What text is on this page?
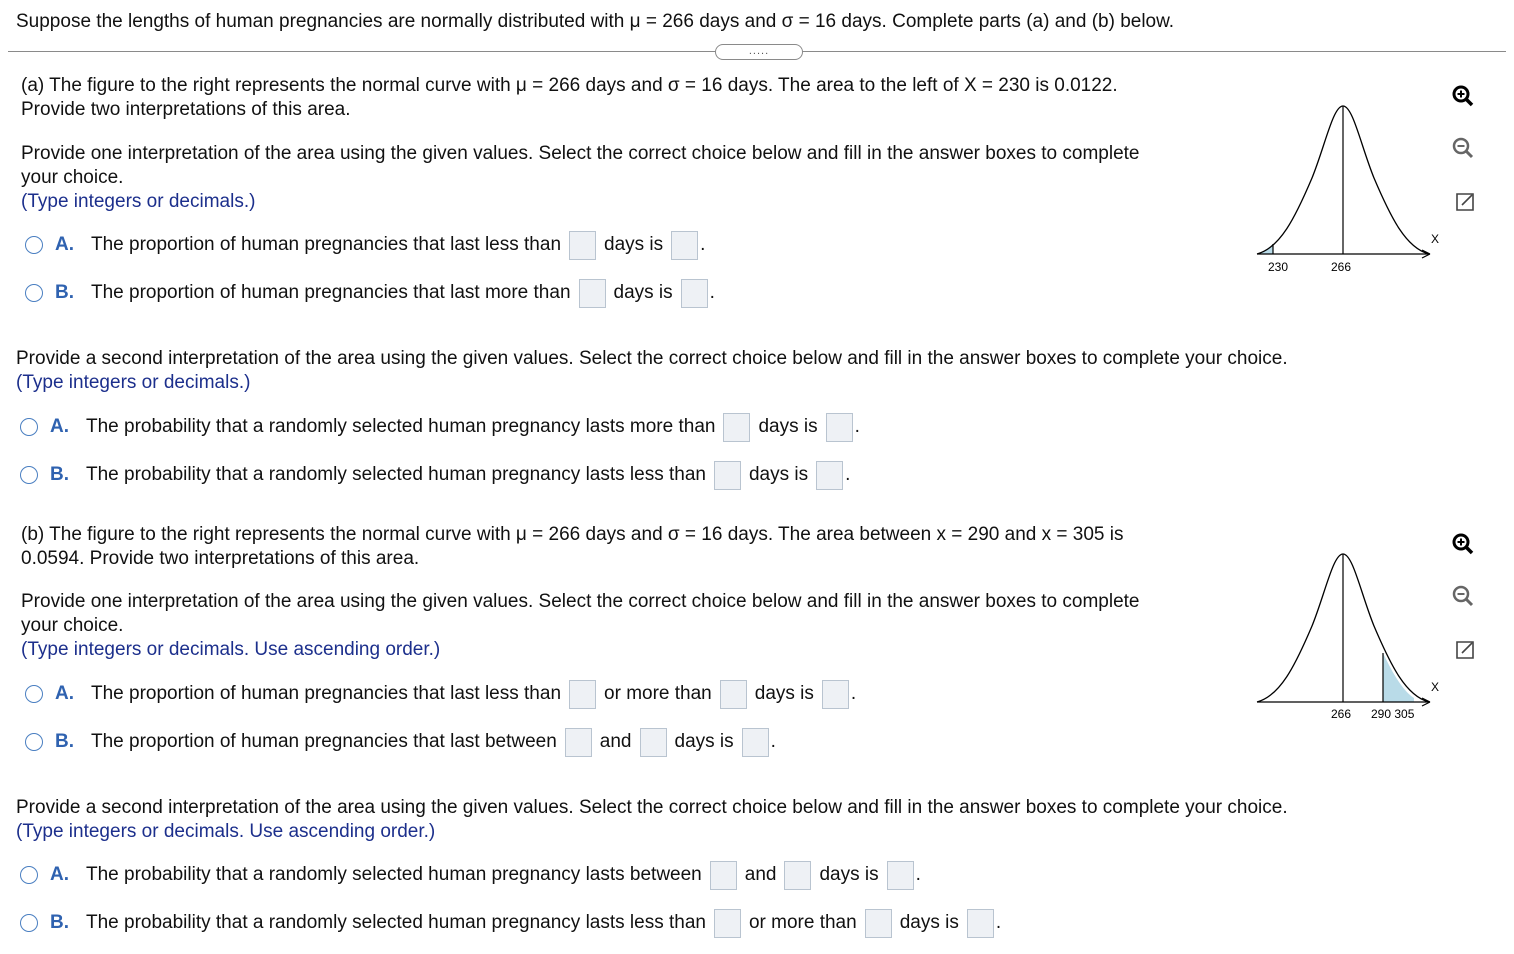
Suppose the lengths of human pregnancies are normally distributed with μ = 266 days and σ = 16 days. Complete parts (a) and (b) below.
.....
(a) The figure to the right represents the normal curve with μ = 266 days and σ = 16 days. The area to the left of X = 230 is 0.0122.
Provide two interpretations of this area.
Provide one interpretation of the area using the given values. Select the correct choice below and fill in the answer boxes to complete
your choice.
(Type integers or decimals.)
A. The proportion of human pregnancies that last less than days is .
B. The proportion of human pregnancies that last more than days is .
Provide a second interpretation of the area using the given values. Select the correct choice below and fill in the answer boxes to complete your choice.
(Type integers or decimals.)
A. The probability that a randomly selected human pregnancy lasts more than days is .
B. The probability that a randomly selected human pregnancy lasts less than days is .
230	266
X
(b) The figure to the right represents the normal curve with μ = 266 days and σ = 16 days. The area between x = 290 and x = 305 is
0.0594. Provide two interpretations of this area.
Provide one interpretation of the area using the given values. Select the correct choice below and fill in the answer boxes to complete
your choice.
(Type integers or decimals. Use ascending order.)
A. The proportion of human pregnancies that last less than or more than days is .
B. The proportion of human pregnancies that last between and days is .
Provide a second interpretation of the area using the given values. Select the correct choice below and fill in the answer boxes to complete your choice.
(Type integers or decimals. Use ascending order.)
A. The probability that a randomly selected human pregnancy lasts between and days is .
B. The probability that a randomly selected human pregnancy lasts less than or more than days is .
266 290 305
X
